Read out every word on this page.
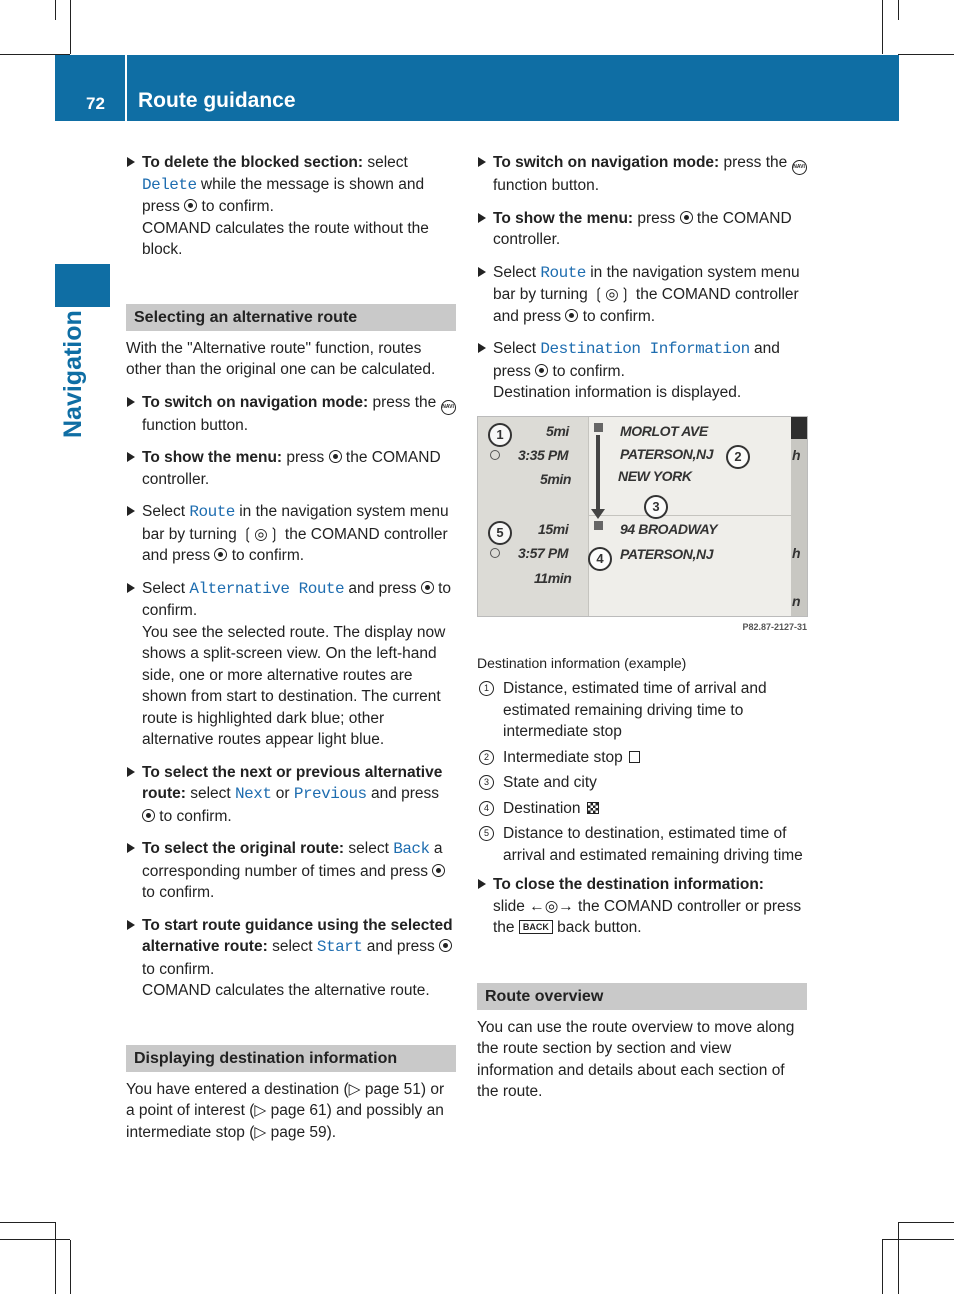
72 Route guidance
Navigation
To delete the blocked section: select Delete while the message is shown and press  to confirm.
COMAND calculates the route without the block.
Selecting an alternative route

With the "Alternative route" function, routes other than the original one can be calculated.

To switch on navigation mode: press the NAVI function button.
To show the menu: press  the COMAND controller.
Select Route in the navigation system menu bar by turning ❲◎❳ the COMAND controller and press  to confirm.
Select Alternative Route and press  to confirm.
You see the selected route. The display now shows a split-screen view. On the left-hand side, one or more alternative routes are shown from start to destination. The current route is highlighted dark blue; other alternative routes appear light blue.
To select the next or previous alternative route: select Next or Previous and press  to confirm.
To select the original route: select Back a corresponding number of times and press  to confirm.
To start route guidance using the selected alternative route: select Start and press  to confirm.
COMAND calculates the alternative route.
Displaying destination information

You have entered a destination (▷ page 51) or a point of interest (▷ page 61) and possibly an intermediate stop (▷ page 59).

To switch on navigation mode: press the NAVI function button.
To show the menu: press  the COMAND controller.
Select Route in the navigation system menu bar by turning ❲◎❳ the COMAND controller and press  to confirm.
Select Destination Information and press  to confirm.
Destination information is displayed.
5mi
3:35 PM
5min
15mi
3:57 PM
11min
MORLOT AVE
PATERSON,NJ
NEW YORK
94 BROADWAY
PATERSON,NJ
h
h
n
1
2
3
4
5
P82.87-2127-31
Destination information (example)
1 Distance, estimated time of arrival and estimated remaining driving time to intermediate stop
2 Intermediate stop
3 State and city
4 Destination
5 Distance to destination, estimated time of arrival and estimated remaining driving time
To close the destination information:
slide ←◎→ the COMAND controller or press the BACK back button.
Route overview

You can use the route overview to move along the route section by section and view information and details about each section of the route.
